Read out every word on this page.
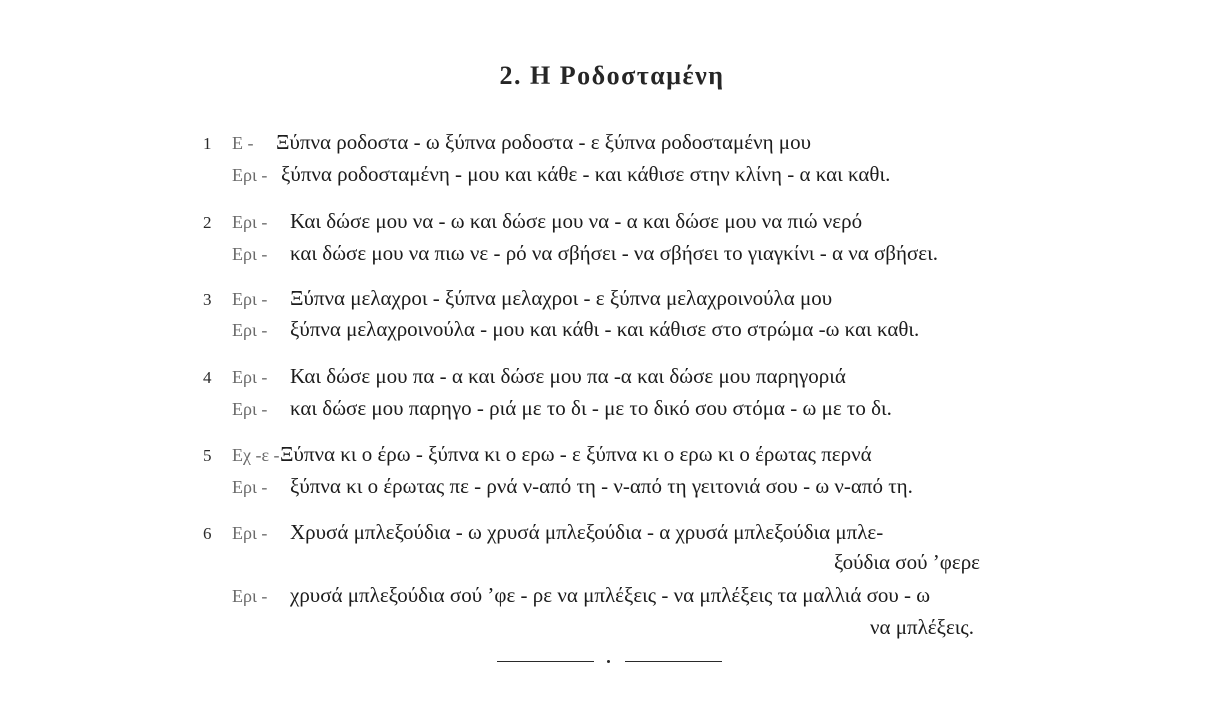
2. Η Ροδοσταμένη
1 Ε - Ξύπνα ροδοστα - ω ξύπνα ροδοστα - ε ξύπνα ροδοσταμένη μου
Ερι - ξύπνα ροδοσταμένη - μου και κάθε - και κάθισε στην κλίνη - α και καθι.
2 Ερι - Και δώσε μου να - ω και δώσε μου να - α και δώσε μου να πιώ νερό
Ερι - και δώσε μου να πιω νε - ρό να σβήσει - να σβήσει το γιαγκίνι - α να σβήσει.
3 Ερι - Ξύπνα μελαχροι - ξύπνα μελαχροι - ε ξύπνα μελαχροινούλα μου
Ερι - ξύπνα μελαχροινούλα - μου και κάθι - και κάθισε στο στρώμα -ω και καθι.
4 Ερι - Και δώσε μου πα - α και δώσε μου πα -α και δώσε μου παρηγοριά
Ερι - και δώσε μου παρηγο - ριά με το δι - με το δικό σου στόμα - ω με το δι.
5 Εχ -ε - Ξύπνα κι ο έρω - ξύπνα κι ο ερω - ε ξύπνα κι ο ερω κι ο έρωτας περνά
Ερι - ξύπνα κι ο έρωτας πε - ρνά ν-από τη - ν-από τη γειτονιά σου - ω ν-από τη.
6 Ερι - Χρυσά μπλεξούδια - ω χρυσά μπλεξούδια - α χρυσά μπλεξούδια μπλε-
ξούδια σού ’φερε
Ερι - χρυσά μπλεξούδια σού ’φε - ρε να μπλέξεις - να μπλέξεις τα μαλλιά σου - ω
να μπλέξεις.
